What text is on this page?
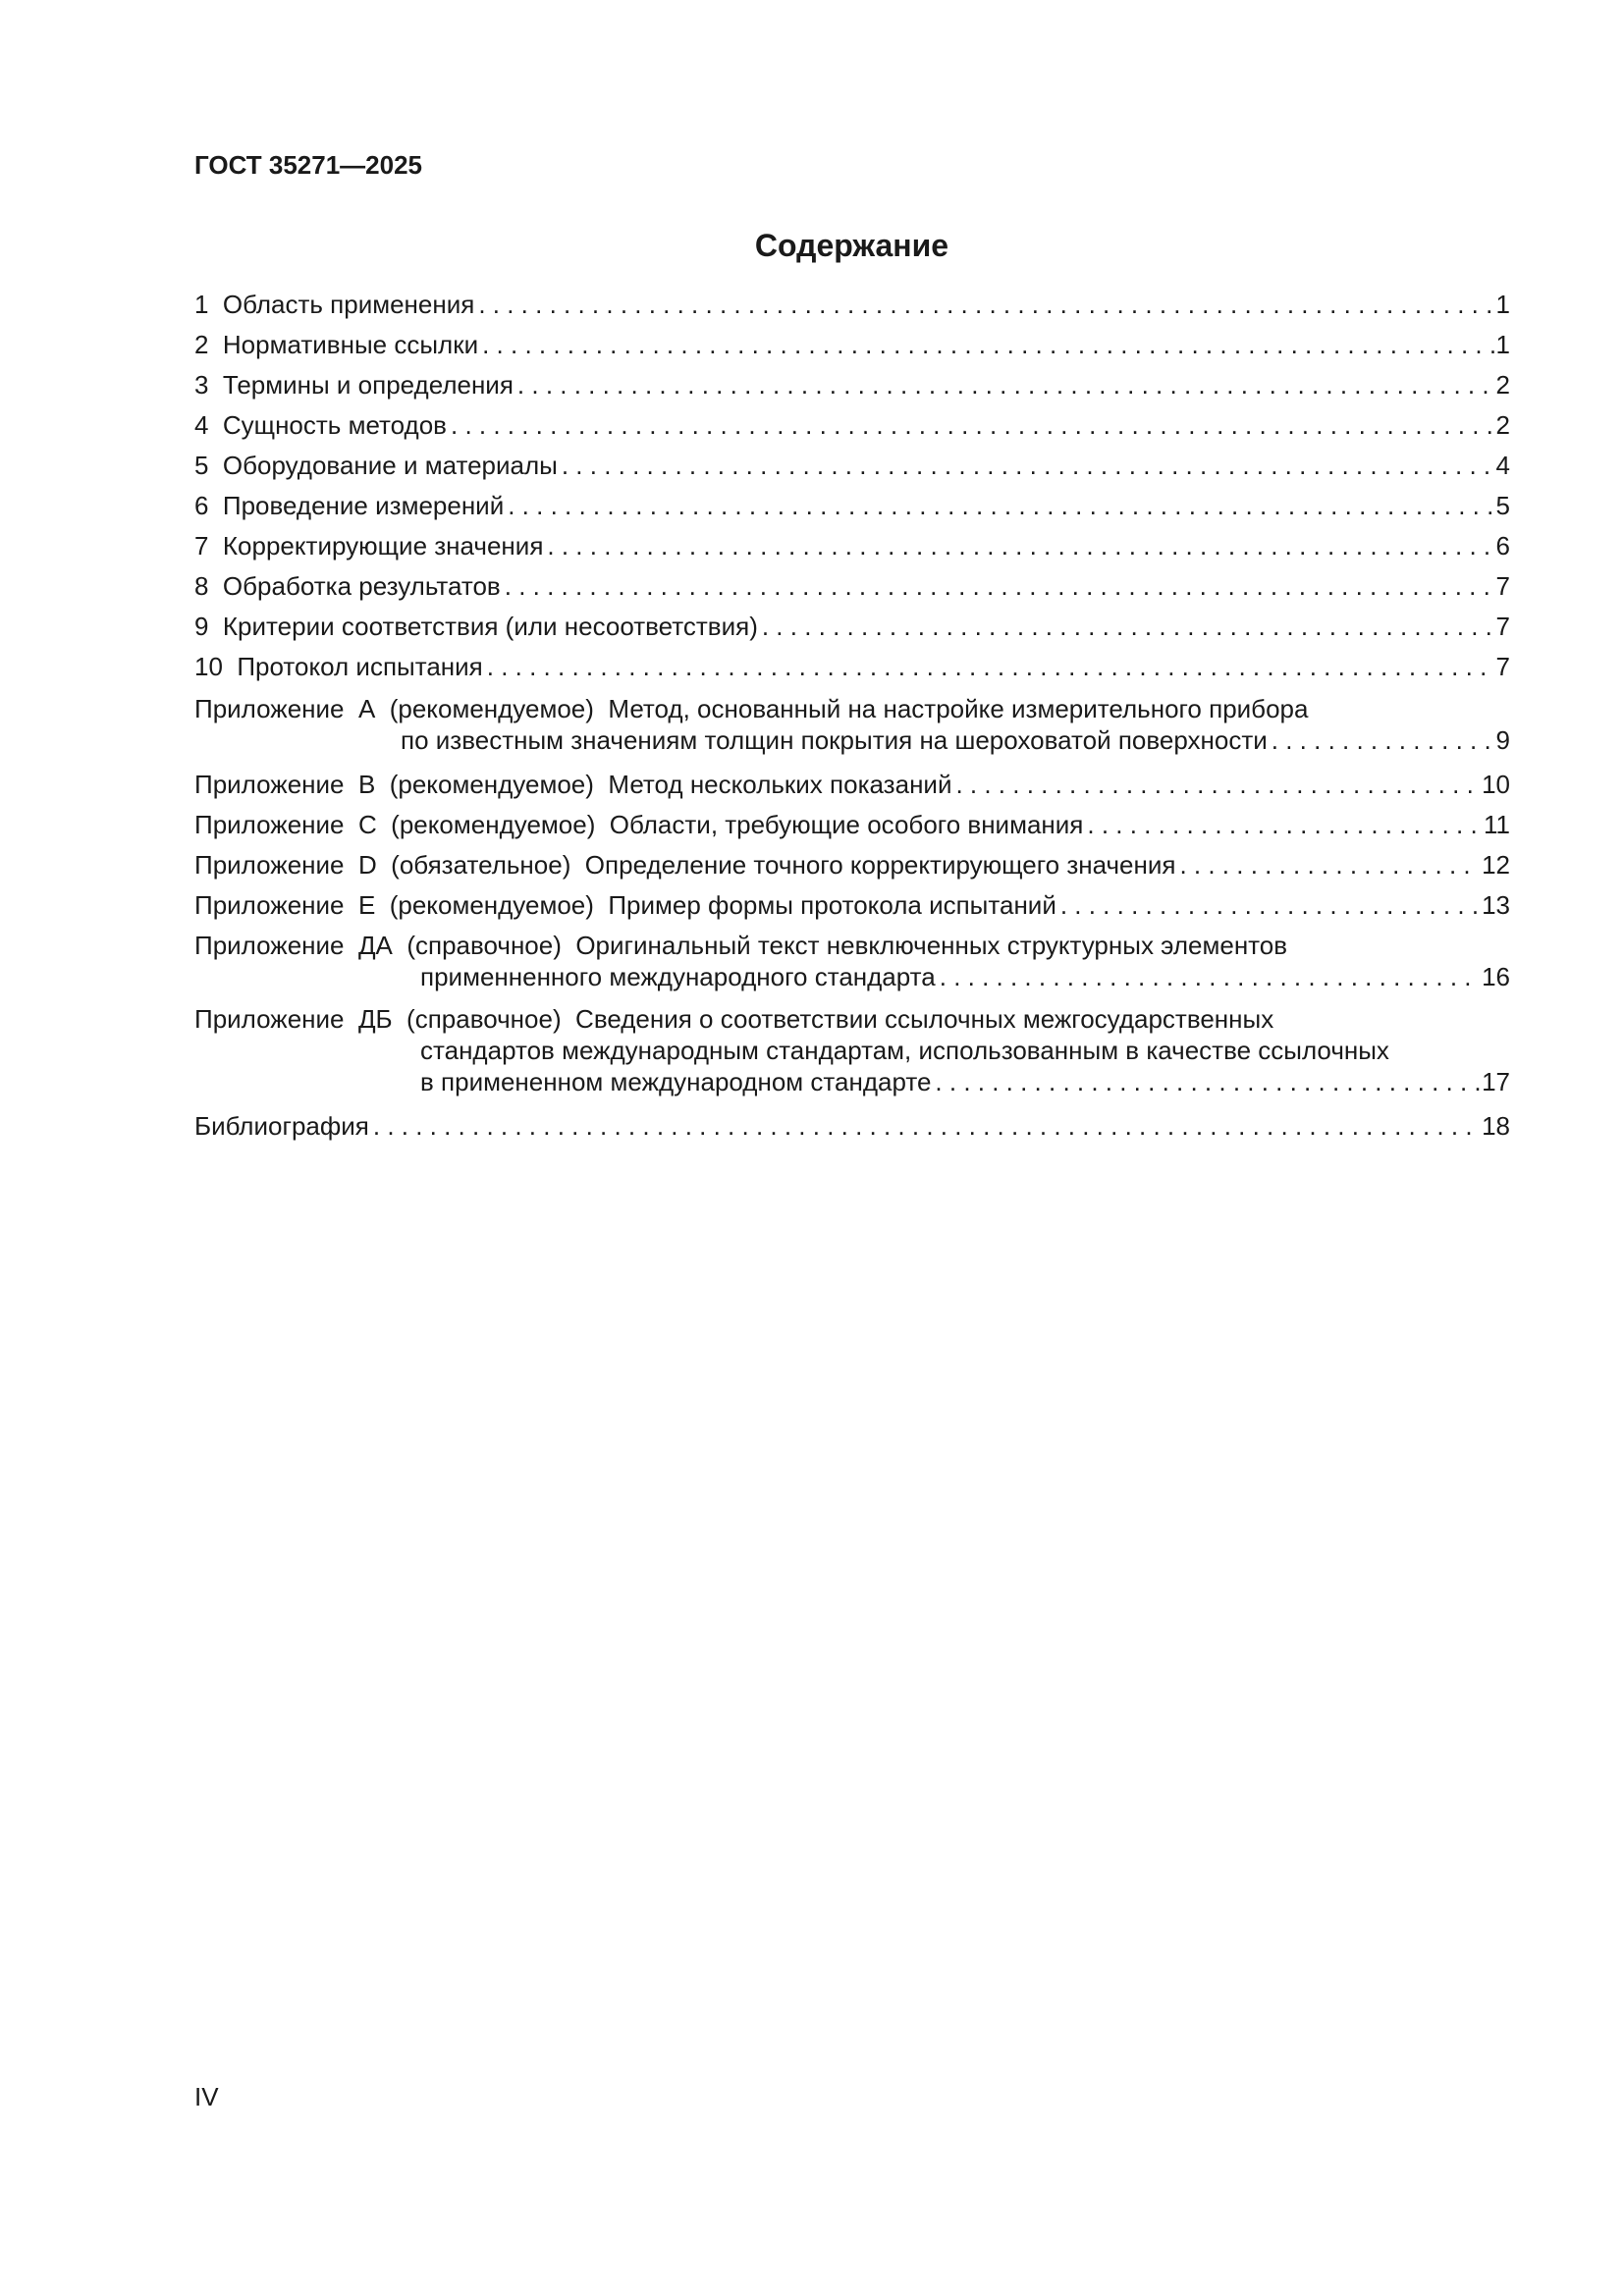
ГОСТ 35271—2025
Содержание
1  Область применения . . .	1
2  Нормативные ссылки . . .	1
3  Термины и определения . . .	2
4  Сущность методов . . .	2
5  Оборудование и материалы . . .	4
6  Проведение измерений . . .	5
7  Корректирующие значения . . .	6
8  Обработка результатов . . .	7
9  Критерии соответствия (или несоответствия) . . .	7
10  Протокол испытания . . .	7
Приложение  А  (рекомендуемое)  Метод, основанный на настройке измерительного прибора
по известным значениям толщин покрытия на шероховатой поверхности . . .	9
Приложение  В  (рекомендуемое)  Метод нескольких показаний . . .	10
Приложение  С  (рекомендуемое)  Области, требующие особого внимания . . .	11
Приложение  D  (обязательное)  Определение точного корректирующего значения . . .	12
Приложение  Е  (рекомендуемое)  Пример формы протокола испытаний . . .	13
Приложение  ДА  (справочное)  Оригинальный текст невключенных структурных элементов
применненного международного стандарта . . .	16
Приложение  ДБ  (справочное)  Сведения о соответствии ссылочных межгосударственных
стандартов международным стандартам, использованным в качестве ссылочных
в примененном международном стандарте . . .	17
Библиография . . .	18
IV
